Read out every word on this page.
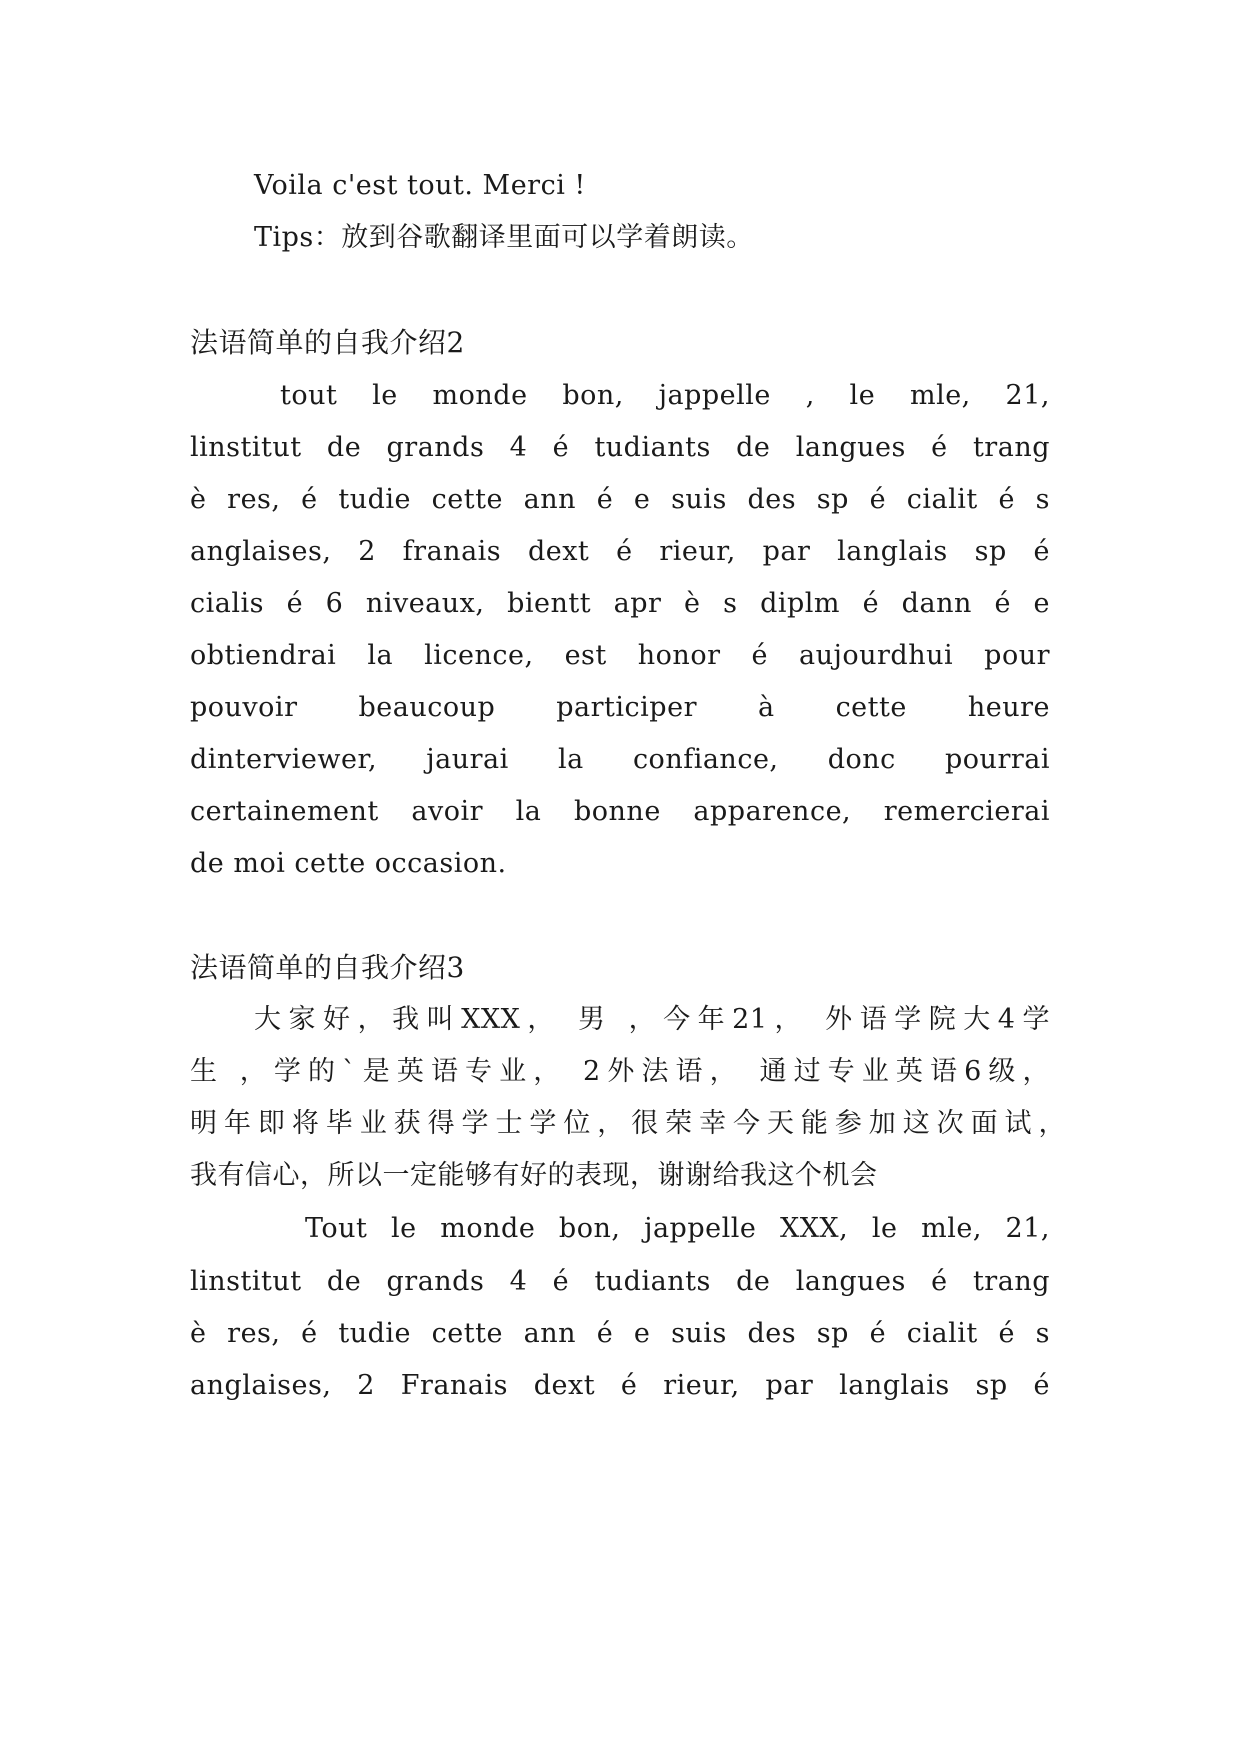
Voila c'est tout. Merci !
Tips：放到谷歌翻译里面可以学着朗读。
法语简单的自我介绍2
tout le monde bon, jappelle , le mle, 21,
linstitut de grands 4 é tudiants de langues é trang
è res, é tudie cette ann é e suis des sp é cialit é s
anglaises, 2 franais dext é rieur, par langlais sp é
cialis é 6 niveaux, bientt apr è s diplm é dann é e
obtiendrai la licence, est honor é aujourdhui pour
pouvoir beaucoup participer à cette heure
dinterviewer, jaurai la confiance, donc pourrai
certainement avoir la bonne apparence, remercierai
de moi cette occasion.
法语简单的自我介绍3
大家好，我叫XXX， 男 ，今年21， 外语学院大4学
生 ，学的`是英语专业， 2外法语， 通过专业英语6级，
明年即将毕业获得学士学位，很荣幸今天能参加这次面试，
我有信心，所以一定能够有好的表现，谢谢给我这个机会
Tout le monde bon, jappelle XXX, le mle, 21,
linstitut de grands 4 é tudiants de langues é trang
è res, é tudie cette ann é e suis des sp é cialit é s
anglaises, 2 Franais dext é rieur, par langlais sp é
